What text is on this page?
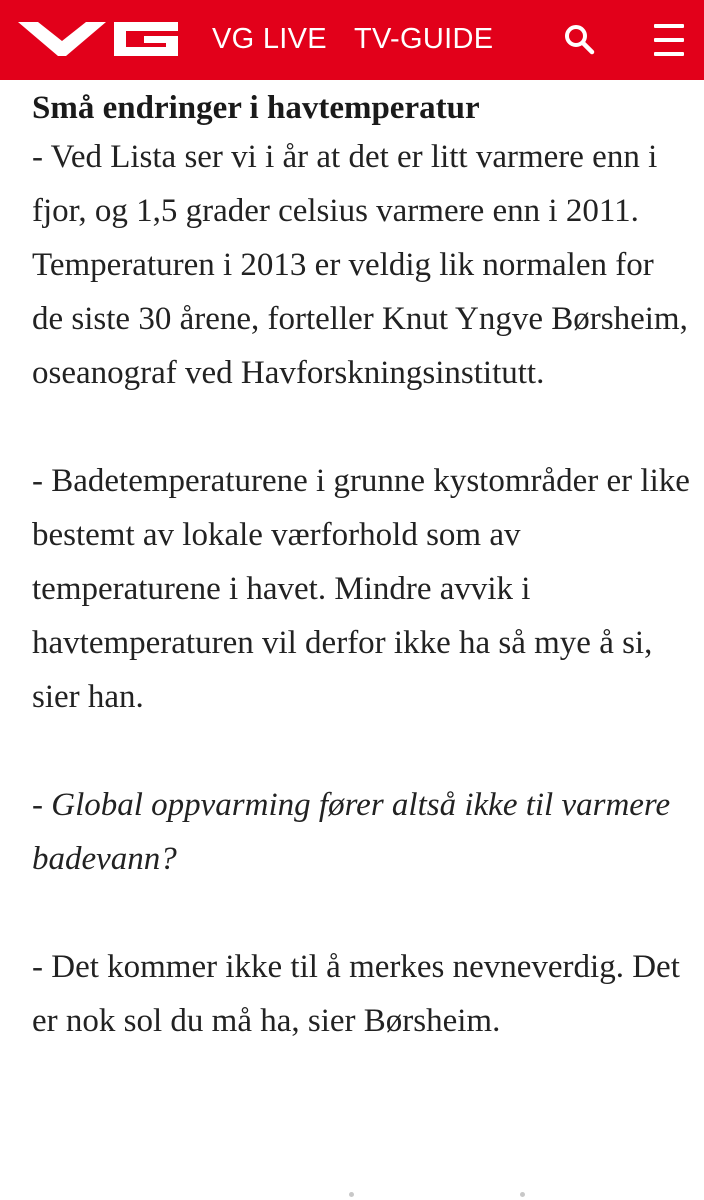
VG LIVE TV-GUIDE
Små endringer i havtemperatur

- Ved Lista ser vi i år at det er litt varmere enn i fjor, og 1,5 grader celsius varmere enn i 2011. Temperaturen i 2013 er veldig lik normalen for de siste 30 årene, forteller Knut Yngve Børsheim, oseanograf ved Havforskningsinstitutt.

- Badetemperaturene i grunne kystområder er like bestemt av lokale værforhold som av temperaturene i havet. Mindre avvik i havtemperaturen vil derfor ikke ha så mye å si, sier han.

- Global oppvarming fører altså ikke til varmere badevann?

- Det kommer ikke til å merkes nevneverdig. Det er nok sol du må ha, sier Børsheim.
